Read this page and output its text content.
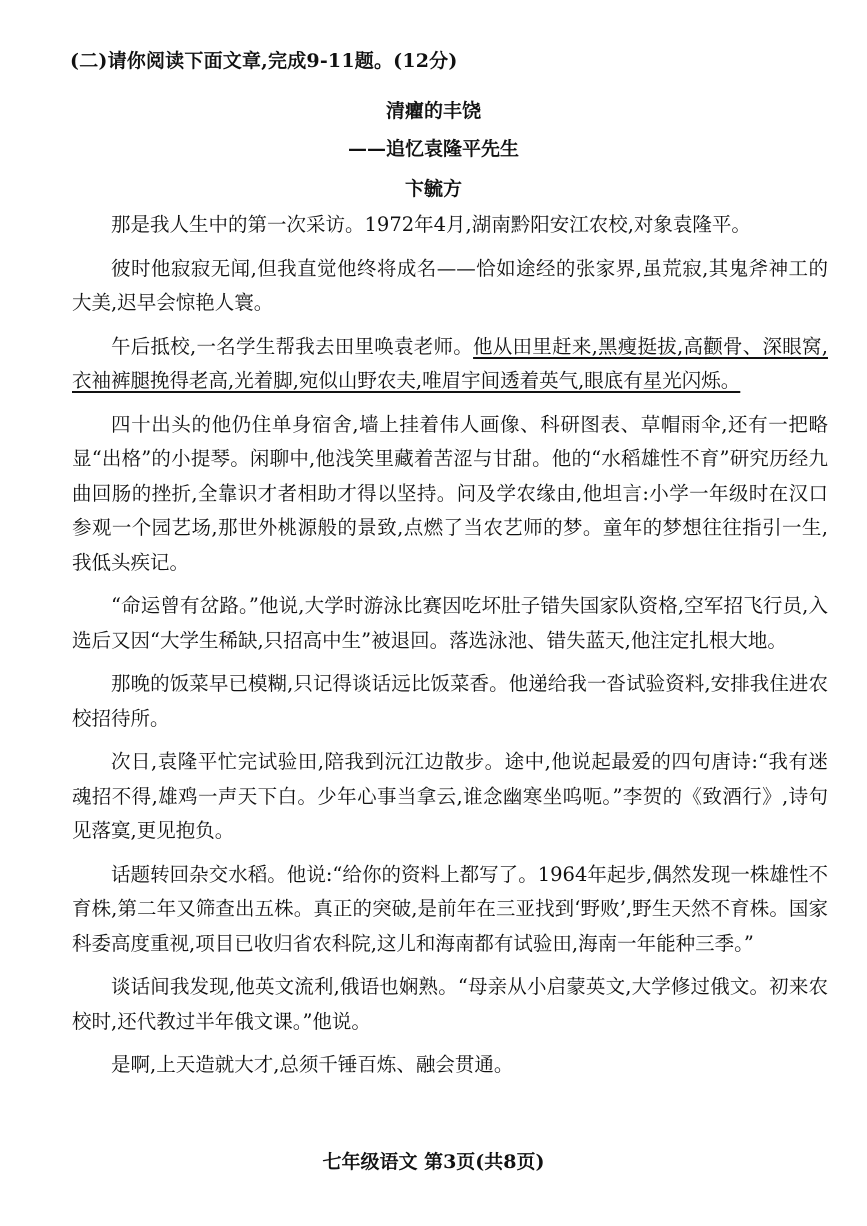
(二)请你阅读下面文章,完成9-11题。(12分)
清癯的丰饶
——追忆袁隆平先生
卞毓方

那是我人生中的第一次采访。1972年4月,湖南黔阳安江农校,对象袁隆平。

彼时他寂寂无闻,但我直觉他终将成名——恰如途经的张家界,虽荒寂,其鬼斧神工的大美,迟早会惊艳人寰。

午后抵校,一名学生帮我去田里唤袁老师。他从田里赶来,黑瘦挺拔,高颧骨、深眼窝,衣袖裤腿挽得老高,光着脚,宛似山野农夫,唯眉宇间透着英气,眼底有星光闪烁。

四十出头的他仍住单身宿舍,墙上挂着伟人画像、科研图表、草帽雨伞,还有一把略显“出格”的小提琴。闲聊中,他浅笑里藏着苦涩与甘甜。他的“水稻雄性不育”研究历经九曲回肠的挫折,全靠识才者相助才得以坚持。问及学农缘由,他坦言:小学一年级时在汉口参观一个园艺场,那世外桃源般的景致,点燃了当农艺师的梦。童年的梦想往往指引一生,我低头疾记。

“命运曾有岔路。”他说,大学时游泳比赛因吃坏肚子错失国家队资格,空军招飞行员,入选后又因“大学生稀缺,只招高中生”被退回。落选泳池、错失蓝天,他注定扎根大地。

那晚的饭菜早已模糊,只记得谈话远比饭菜香。他递给我一沓试验资料,安排我住进农校招待所。

次日,袁隆平忙完试验田,陪我到沅江边散步。途中,他说起最爱的四句唐诗:“我有迷魂招不得,雄鸡一声天下白。少年心事当拿云,谁念幽寒坐呜呃。”李贺的《致酒行》,诗句见落寞,更见抱负。

话题转回杂交水稻。他说:“给你的资料上都写了。1964年起步,偶然发现一株雄性不育株,第二年又筛查出五株。真正的突破,是前年在三亚找到‘野败’,野生天然不育株。国家科委高度重视,项目已收归省农科院,这儿和海南都有试验田,海南一年能种三季。”

谈话间我发现,他英文流利,俄语也娴熟。“母亲从小启蒙英文,大学修过俄文。初来农校时,还代教过半年俄文课。”他说。

是啊,上天造就大才,总须千锤百炼、融会贯通。

七年级语文 第3页(共8页)
